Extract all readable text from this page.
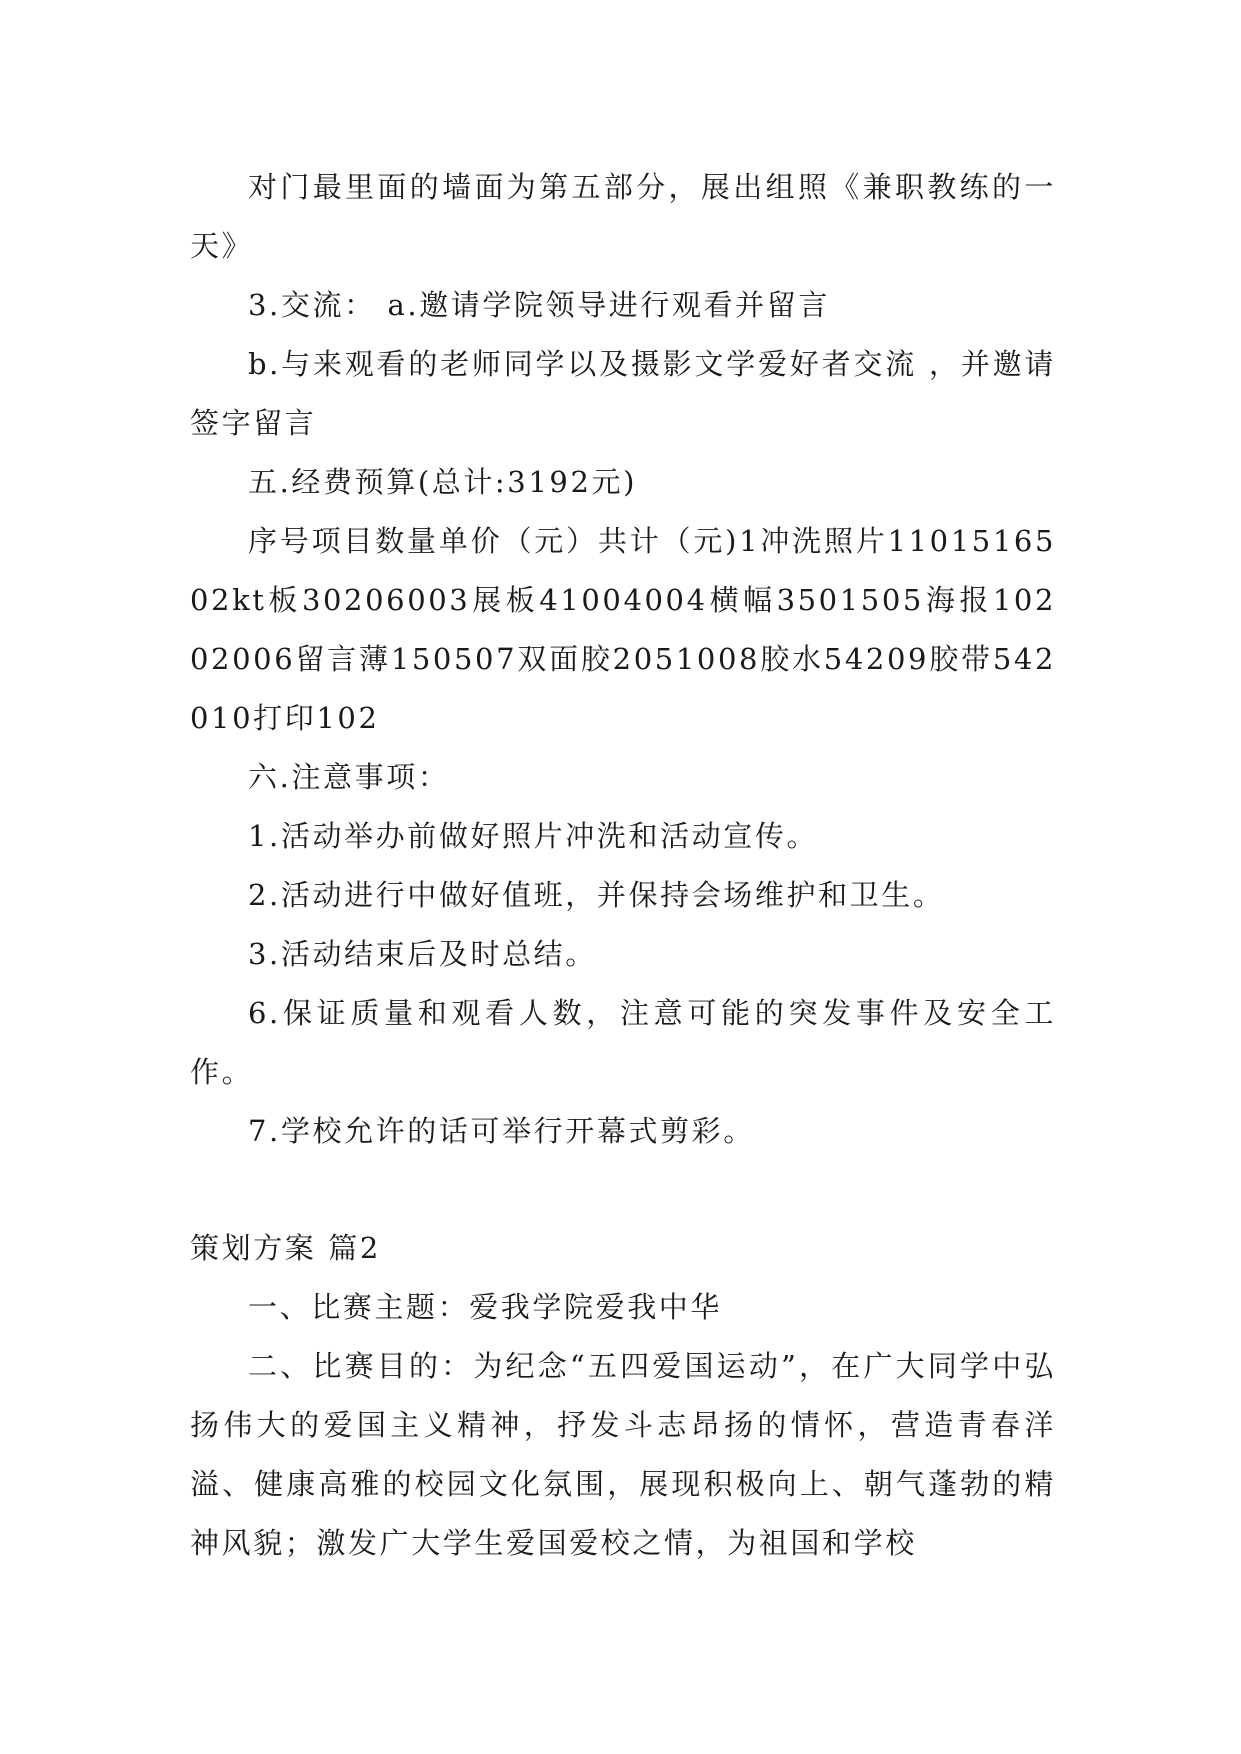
对门最里面的墙面为第五部分，展出组照《兼职教练的一天》

3.交流： a.邀请学院领导进行观看并留言

b.与来观看的老师同学以及摄影文学爱好者交流 ，并邀请签字留言

五.经费预算(总计:3192元)

序号项目数量单价（元）共计（元)1冲洗照片1101516502kt板30206003展板41004004横幅3501505海报10202006留言薄150507双面胶2051008胶水54209胶带542010打印102

六.注意事项：

1.活动举办前做好照片冲洗和活动宣传。

2.活动进行中做好值班，并保持会场维护和卫生。

3.活动结束后及时总结。

6.保证质量和观看人数，注意可能的突发事件及安全工作。

7.学校允许的话可举行开幕式剪彩。

策划方案 篇2

一、比赛主题：爱我学院爱我中华

二、比赛目的：为纪念“五四爱国运动”，在广大同学中弘扬伟大的爱国主义精神，抒发斗志昂扬的情怀，营造青春洋溢、健康高雅的校园文化氛围，展现积极向上、朝气蓬勃的精神风貌；激发广大学生爱国爱校之情，为祖国和学校
